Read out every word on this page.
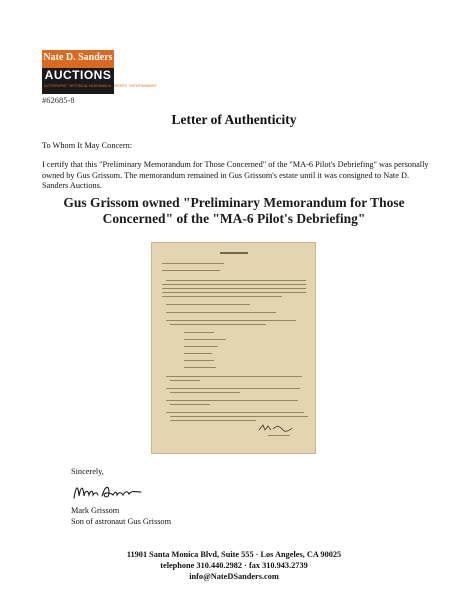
Nate D. Sanders
AUCTIONS
AUTOGRAPHS · HISTORICAL MEMORABILIA · SPORTS · ENTERTAINMENT
#62685-8
Letter of Authenticity
To Whom It May Concern:
I certify that this "Preliminary Memorandum for Those Concerned" of the "MA-6 Pilot's Debriefing" was personally owned by Gus Grissom. The memorandum remained in Gus Grissom's estate until it was consigned to Nate D. Sanders Auctions.
Gus Grissom owned "Preliminary Memorandum for Those Concerned" of the "MA-6 Pilot's Debriefing"
Sincerely,
Mark Grissom
Son of astronaut Gus Grissom
11901 Santa Monica Blvd, Suite 555 · Los Angeles, CA 90025
telephone 310.440.2982 · fax 310.943.2739
info@NateDSanders.com
